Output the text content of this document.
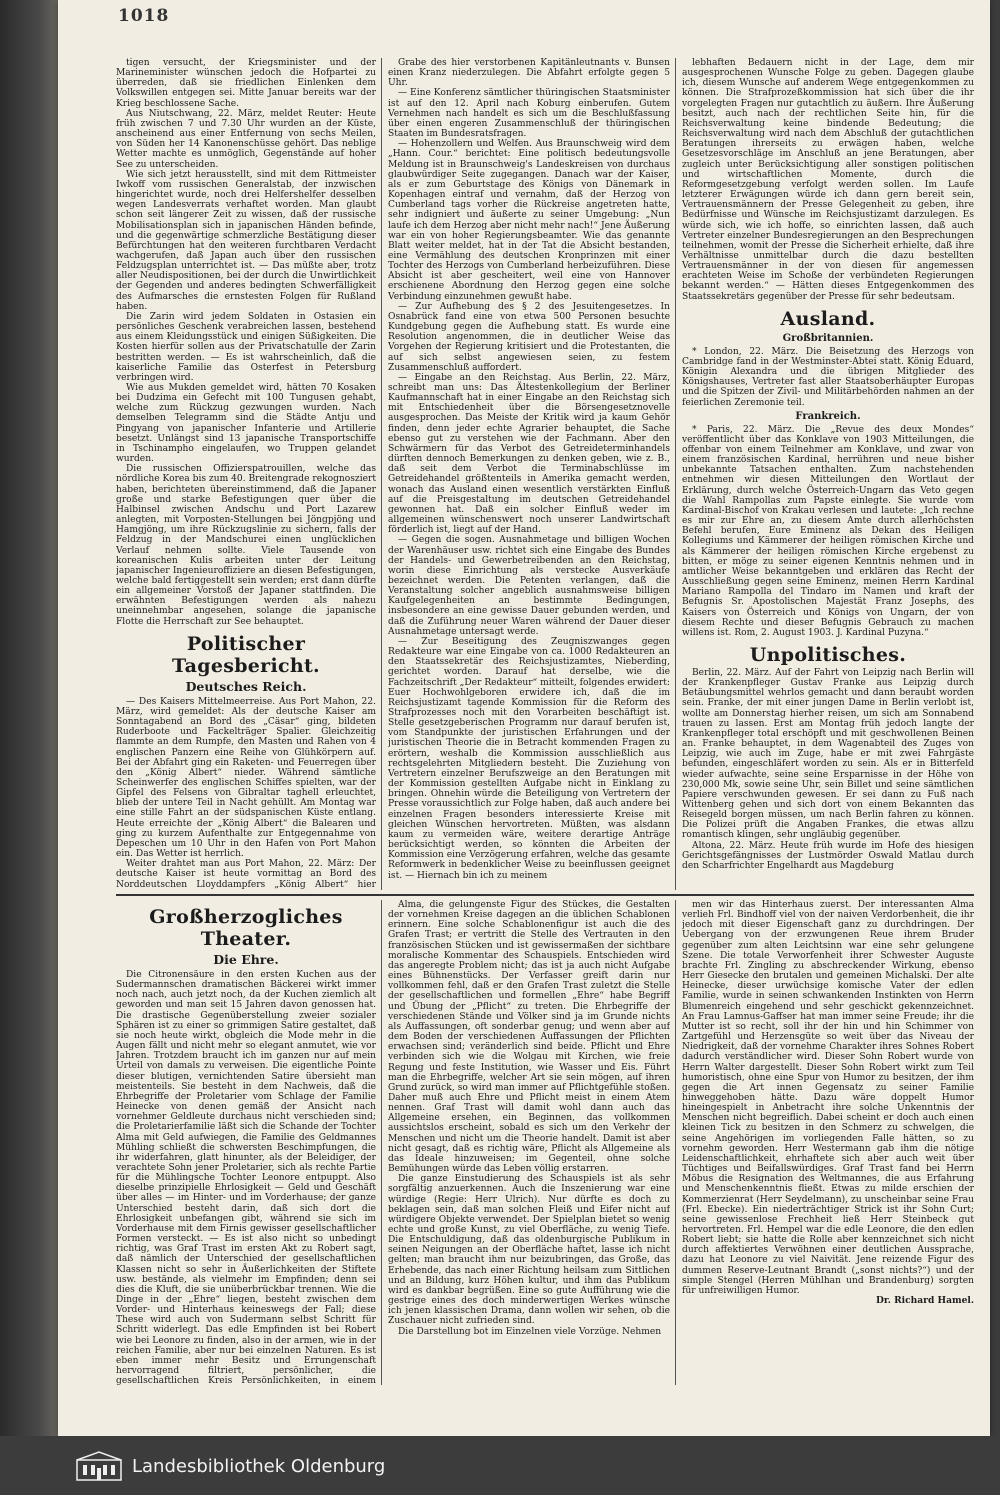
1018

tigen versucht, der Kriegsminister und der Marineminister wünschen jedoch die Hofpartei zu überreden, daß sie friedlichen Einlenken dem Volkswillen entgegen sei. Mitte Januar bereits war der Krieg beschlossene Sache.

Aus Niutschwang, 22. März, meldet Reuter: Heute früh zwischen 7 und 7.30 Uhr wurden an der Küste, anscheinend aus einer Entfernung von sechs Meilen, von Süden her 14 Kanonenschüsse gehört. Das neblige Wetter machte es unmöglich, Gegenstände auf hoher See zu unterscheiden.

Wie sich jetzt herausstellt, sind mit dem Rittmeister Iwkoff vom russischen Generalstab, der inzwischen hingerichtet wurde, noch drei Helfershelfer desselben wegen Landesverrats verhaftet worden. Man glaubt schon seit längerer Zeit zu wissen, daß der russische Mobilisationsplan sich in japanischen Händen befinde, und die gegenwärtige schmerzliche Bestätigung dieser Befürchtungen hat den weiteren furchtbaren Verdacht wachgerufen, daß Japan auch über den russischen Feldzugsplan unterrichtet ist. — Das müßte aber, trotz aller Neudispositionen, bei der durch die Unwirtlichkeit der Gegenden und anderes bedingten Schwerfälligkeit des Aufmarsches die ernstesten Folgen für Rußland haben.

Die Zarin wird jedem Soldaten in Ostasien ein persönliches Geschenk verabreichen lassen, bestehend aus einem Kleidungsstück und einigen Süßigkeiten. Die Kosten hierfür sollen aus der Privatschatulle der Zarin bestritten werden. — Es ist wahrscheinlich, daß die kaiserliche Familie das Osterfest in Petersburg verbringen wird.

Wie aus Mukden gemeldet wird, hätten 70 Kosaken bei Dudzima ein Gefecht mit 100 Tungusen gehabt, welche zum Rückzug gezwungen wurden. Nach demselben Telegramm sind die Städte Antju und Pingyang von japanischer Infanterie und Artillerie besetzt. Unlängst sind 13 japanische Transportschiffe in Tschinampho eingelaufen, wo Truppen gelandet wurden.

Die russischen Offizierspatrouillen, welche das nördliche Korea bis zum 40. Breitengrade rekognosziert haben, berichteten übereinstimmend, daß die Japaner große und starke Befestigungen quer über die Halbinsel zwischen Andschu und Port Lazarew anlegten, mit Vorposten-Stellungen bei Jöngpjöng und Hamgjöng, um ihre Rückzugslinie zu sichern, falls der Feldzug in der Mandschurei einen unglücklichen Verlauf nehmen sollte. Viele Tausende von koreanischen Kulis arbeiten unter der Leitung japanischer Ingenieuroffiziere an diesen Befestigungen, welche bald fertiggestellt sein werden; erst dann dürfte ein allgemeiner Vorstoß der Japaner stattfinden. Die erwähnten Befestigungen werden als nahezu uneinnehmbar angesehen, solange die japanische Flotte die Herrschaft zur See behauptet.

Politischer Tagesbericht.
Deutsches Reich.

— Des Kaisers Mittelmeerreise. Aus Port Mahon, 22. März, wird gemeldet: Als der deutsche Kaiser am Sonntagabend an Bord des „Cäsar“ ging, bildeten Ruderboote und Fackelträger Spalier. Gleichzeitig flammte an dem Rumpfe, den Masten und Rahen von 4 englischen Panzern eine Reihe von Glühkörpern auf. Bei der Abfahrt ging ein Raketen- und Feuerregen über den „König Albert“ nieder. Während sämtliche Scheinwerfer des englischen Schiffes spielten, war der Gipfel des Felsens von Gibraltar taghell erleuchtet, blieb der untere Teil in Nacht gehüllt. Am Montag war eine stille Fahrt an der südspanischen Küste entlang. Heute erreichte der „König Albert“ die Balearen und ging zu kurzem Aufenthalte zur Entgegennahme von Depeschen um 10 Uhr in den Hafen von Port Mahon ein. Das Wetter ist herrlich.

Weiter drahtet man aus Port Mahon, 22. März: Der deutsche Kaiser ist heute vormittag an Bord des Norddeutschen Lloyddampfers „König Albert“ hier

Grabe des hier verstorbenen Kapitänleutnants v. Bunsen einen Kranz niederzulegen. Die Abfahrt erfolgte gegen 5 Uhr.

— Eine Konferenz sämtlicher thüringischen Staatsminister ist auf den 12. April nach Koburg einberufen. Gutem Vernehmen nach handelt es sich um die Beschlußfassung über einen engeren Zusammenschluß der thüringischen Staaten im Bundesratsfragen.

— Hohenzollern und Welfen. Aus Braunschweig wird dem „Hann. Cour.“ berichtet: Eine politisch bedeutungsvolle Meldung ist in Braunschweig's Landeskreisen von durchaus glaubwürdiger Seite zugegangen. Danach war der Kaiser, als er zum Geburtstage des Königs von Dänemark in Kopenhagen eintraf und vernahm, daß der Herzog von Cumberland tags vorher die Rückreise angetreten hatte, sehr indigniert und äußerte zu seiner Umgebung: „Nun laufe ich dem Herzog aber nicht mehr nach!“ Jene Äußerung war ein von hoher Regierungsbeamter. Wie das genannte Blatt weiter meldet, hat in der Tat die Absicht bestanden, eine Vermählung des deutschen Kronprinzen mit einer Tochter des Herzogs von Cumberland herbeizuführen. Diese Absicht ist aber gescheitert, weil eine von Hannover erschienene Abordnung den Herzog gegen eine solche Verbindung einzunehmen gewußt habe.

— Zur Aufhebung des § 2 des Jesuitengesetzes. In Osnabrück fand eine von etwa 500 Personen besuchte Kundgebung gegen die Aufhebung statt. Es wurde eine Resolution angenommen, die in deutlicher Weise das Vorgehen der Regierung kritisiert und die Protestanten, die auf sich selbst angewiesen seien, zu festem Zusammenschluß auffordert.

— Eingabe an den Reichstag. Aus Berlin, 22. März, schreibt man uns: Das Ältestenkollegium der Berliner Kaufmannschaft hat in einer Eingabe an den Reichstag sich mit Entschiedenheit über die Börsengesetznovelle ausgesprochen. Das Meiste der Kritik wird ja kaum Gehör finden, denn jeder echte Agrarier behauptet, die Sache ebenso gut zu verstehen wie der Fachmann. Aber den Schwärmern für das Verbot des Getreideterminhandels dürften dennoch Bemerkungen zu denken geben, wie z. B., daß seit dem Verbot die Terminabschlüsse im Getreidehandel größtenteils in Amerika gemacht werden, wonach das Ausland einen wesentlich verstärkten Einfluß auf die Preisgestaltung im deutschen Getreidehandel gewonnen hat. Daß ein solcher Einfluß weder im allgemeinen wünschenswert noch unserer Landwirtschaft förderlich ist, liegt auf der Hand.

— Gegen die sogen. Ausnahmetage und billigen Wochen der Warenhäuser usw. richtet sich eine Eingabe des Bundes der Handels- und Gewerbetreibenden an den Reichstag, worin diese Einrichtung als verstecke Ausverkäufe bezeichnet werden. Die Petenten verlangen, daß die Veranstaltung solcher angeblich ausnahmsweise billigen Kaufgelegenheiten an bestimmte Bedingungen, insbesondere an eine gewisse Dauer gebunden werden, und daß die Zuführung neuer Waren während der Dauer dieser Ausnahmetage untersagt werde.

— Zur Beseitigung des Zeugniszwanges gegen Redakteure war eine Eingabe von ca. 1000 Redakteuren an den Staatssekretär des Reichsjustizamtes, Nieberding, gerichtet worden. Darauf hat derselbe, wie die Fachzeitschrift „Der Redakteur“ mitteilt, folgendes erwidert: Euer Hochwohlgeboren erwidere ich, daß die im Reichsjustizamt tagende Kommission für die Reform des Strafprozesses noch mit den Vorarbeiten beschäftigt ist. Stelle gesetzgeberischen Programm nur darauf berufen ist, vom Standpunkte der juristischen Erfahrungen und der juristischen Theorie die in Betracht kommenden Fragen zu erörtern, weshalb die Kommission ausschließlich aus rechtsgelehrten Mitgliedern besteht. Die Zuziehung von Vertretern einzelner Berufszweige an den Beratungen mit der Kommission gestellten Aufgabe nicht in Einklang zu bringen. Ohnehin würde die Beteiligung von Vertretern der Presse voraussichtlich zur Folge haben, daß auch andere bei einzelnen Fragen besonders interessierte Kreise mit gleichen Wünschen hervortreten. Müßten, was alsdann kaum zu vermeiden wäre, weitere derartige Anträge berücksichtigt werden, so könnten die Arbeiten der Kommission eine Verzögerung erfahren, welche das gesamte Reformwerk in bedenklicher Weise zu beeinflussen geeignet ist. — Hiernach bin ich zu meinem

lebhaften Bedauern nicht in der Lage, dem mir ausgesprochenen Wunsche Folge zu geben. Dagegen glaube ich, diesem Wunsche auf anderem Wege entgegenkommen zu können. Die Strafprozeßkommission hat sich über die ihr vorgelegten Fragen nur gutachtlich zu äußern. Ihre Äußerung besitzt, auch nach der rechtlichen Seite hin, für die Reichsverwaltung keine bindende Bedeutung; die Reichsverwaltung wird nach dem Abschluß der gutachtlichen Beratungen ihrerseits zu erwägen haben, welche Gesetzesvorschläge im Anschluß an jene Beratungen, aber zugleich unter Berücksichtigung aller sonstigen politischen und wirtschaftlichen Momente, durch die Reformgesetzgebung verfolgt werden sollen. Im Laufe letzterer Erwägungen würde ich dann gern bereit sein, Vertrauensmännern der Presse Gelegenheit zu geben, ihre Bedürfnisse und Wünsche im Reichsjustizamt darzulegen. Es würde sich, wie ich hoffe, so einrichten lassen, daß auch Vertreter einzelner Bundesregierungen an den Besprechungen teilnehmen, womit der Presse die Sicherheit erhielte, daß ihre Verhältnisse unmittelbar durch die dazu bestellten Vertrauensmänner in der von diesen für angemessen erachteten Weise im Schoße der verbündeten Regierungen bekannt werden.“ — Hätten dieses Entgegenkommen des Staatssekretärs gegenüber der Presse für sehr bedeutsam.

Ausland.
Großbritannien.

* London, 22. März. Die Beisetzung des Herzogs von Cambridge fand in der Westminster-Abtei statt. König Eduard, Königin Alexandra und die übrigen Mitglieder des Königshauses, Vertreter fast aller Staatsoberhäupter Europas und die Spitzen der Zivil- und Militärbehörden nahmen an der feierlichen Zeremonie teil.

Frankreich.

* Paris, 22. März. Die „Revue des deux Mondes“ veröffentlicht über das Konklave von 1903 Mitteilungen, die offenbar von einem Teilnehmer am Konklave, und zwar von einem französischen Kardinal, herrühren und neue bisher unbekannte Tatsachen enthalten. Zum nachstehenden entnehmen wir diesen Mitteilungen den Wortlaut der Erklärung, durch welche Österreich-Ungarn das Veto gegen die Wahl Rampollas zum Papste einlegte. Sie wurde vom Kardinal-Bischof von Krakau verlesen und lautete: „Ich rechne es mir zur Ehre an, zu diesem Amte durch allerhöchsten Befehl berufen, Eure Eminenz als Dekan des Heiligen Kollegiums und Kämmerer der heiligen römischen Kirche und als Kämmerer der heiligen römischen Kirche ergebenst zu bitten, er möge zu seiner eigenen Kenntnis nehmen und in amtlicher Weise bekanntgeben und erklären das Recht der Ausschließung gegen seine Eminenz, meinen Herrn Kardinal Mariano Rampolla del Tindaro im Namen und kraft der Befugnis Sr. Apostolischen Majestät Franz Josephs, des Kaisers von Österreich und Königs von Ungarn, der von diesem Rechte und dieser Befugnis Gebrauch zu machen willens ist. Rom, 2. August 1903. J. Kardinal Puzyna.“

Unpolitisches.

Berlin, 22. März. Auf der Fahrt von Leipzig nach Berlin will der Krankenpfleger Gustav Franke aus Leipzig durch Betäubungsmittel wehrlos gemacht und dann beraubt worden sein. Franke, der mit einer jungen Dame in Berlin verlobt ist, wollte am Donnerstag hierher reisen, um sich am Sonnabend trauen zu lassen. Erst am Montag früh jedoch langte der Krankenpfleger total erschöpft und mit geschwollenen Beinen an. Franke behauptet, in dem Wagenabteil des Zuges von Leipzig, wie auch im Zuge, habe er mit zwei Fahrgäste befunden, eingeschläfert worden zu sein. Als er in Bitterfeld wieder aufwachte, seine seine Ersparnisse in der Höhe von 230,000 Mk, sowie seine Uhr, sein Billet und seine sämtlichen Papiere verschwunden gewesen. Er sei dann zu Fuß nach Wittenberg gehen und sich dort von einem Bekannten das Reisegeld borgen müssen, um nach Berlin fahren zu können. Die Polizei prüft die Angaben Frankes, die etwas allzu romantisch klingen, sehr ungläubig gegenüber.

Altona, 22. März. Heute früh wurde im Hofe des hiesigen Gerichtsgefängnisses der Lustmörder Oswald Matlau durch den Scharfrichter Engelhardt aus Magdeburg

Großherzogliches Theater.
Die Ehre.

Die Citronensäure in den ersten Kuchen aus der Sudermannschen dramatischen Bäckerei wirkt immer noch nach, auch jetzt noch, da der Kuchen ziemlich alt geworden und man seit 15 Jahren davon genossen hat. Die drastische Gegenüberstellung zweier sozialer Sphären ist zu einer so grimmigen Satire gestaltet, daß sie noch heute wirkt, obgleich die Mode mehr in die Augen fällt und nicht mehr so elegant anmutet, wie vor Jahren. Trotzdem braucht ich im ganzen nur auf mein Urteil von damals zu verweisen. Die eigentliche Pointe dieser blutigen, vernichtenden Satire übersieht man meistenteils. Sie besteht in dem Nachweis, daß die Ehrbegriffe der Proletarier vom Schlage der Familie Heinecke von denen gemäß der Ansicht nach vornehmer Geldleute durchaus nicht verschieden sind; die Proletarierfamilie läßt sich die Schande der Tochter Alma mit Geld aufwiegen, die Familie des Geldmannes Mühling schließt die schwersten Beschimpfungen, die ihr widerfahren, glatt hinunter, als der Beleidiger, der verachtete Sohn jener Proletarier, sich als rechte Partie für die Mühlingsche Tochter Leonore entpuppt. Also dieselbe prinzipielle Ehrlosigkeit — Geld und Geschäft über alles — im Hinter- und im Vorderhause; der ganze Unterschied besteht darin, daß sich dort die Ehrlosigkeit unbefangen gibt, während sie sich im Vorderhause mit dem Firnis gewisser gesellschaftlicher Formen versteckt. — Es ist also nicht so unbedingt richtig, was Graf Trast im ersten Akt zu Robert sagt, daß nämlich der Unterschied der gesellschaftlichen Klassen nicht so sehr in Äußerlichkeiten der Stiftete usw. bestände, als vielmehr im Empfinden; denn sei dies die Kluft, die sie unüberbrückbar trennen. Wie die Dinge in der „Ehre“ liegen, besteht zwischen dem Vorder- und Hinterhaus keineswegs der Fall; diese These wird auch von Sudermann selbst Schritt für Schritt widerlegt. Das edle Empfinden ist bei Robert wie bei Leonore zu finden, also in der armen, wie in der reichen Familie, aber nur bei einzelnen Naturen. Es ist eben immer mehr Besitz und Errungenschaft hervorragend filtriert, persönlicher, die gesellschaftlichen Kreis Persönlichkeiten, in einem

Alma, die gelungenste Figur des Stückes, die Gestalten der vornehmen Kreise dagegen an die üblichen Schablonen erinnern. Eine solche Schablonenfigur ist auch die des Grafen Trast; er vertritt die Stelle des Vertrauten in den französischen Stücken und ist gewissermaßen der sichtbare moralische Kommentar des Schauspiels. Entschieden wird das angeregte Problem nicht; das ist ja auch nicht Aufgabe eines Bühnenstücks. Der Verfasser greift darin nur vollkommen fehl, daß er den Grafen Trast zuletzt die Stelle der gesellschaftlichen und formellen „Ehre“ habe Begriff und Übung der „Pflicht“ zu treten. Die Ehrbegriffe der verschiedenen Stände und Völker sind ja im Grunde nichts als Auffassungen, oft sonderbar genug; und wenn aber auf dem Boden der verschiedenen Auffassungen der Pflichten erwachsen sind; veränderlich sind beide. Pflicht und Ehre verbinden sich wie die Wolgau mit Kirchen, wie freie Regung und feste Institution, wie Wasser und Eis. Führt man die Ehrbegriffe, welcher Art sie sein mögen, auf ihren Grund zurück, so wird man immer auf Pflichtgefühle stoßen. Daher muß auch Ehre und Pflicht meist in einem Atem nennen. Graf Trast will damit wohl dann auch das Allgemeine ersehen, ein Beginnen, das vollkommen aussichtslos erscheint, sobald es sich um den Verkehr der Menschen und nicht um die Theorie handelt. Damit ist aber nicht gesagt, daß es richtig wäre, Pflicht als Allgemeine als das Ideale hinzuweisen; im Gegenteil, ohne solche Bemühungen würde das Leben völlig erstarren.

Die ganze Einstudierung des Schauspiels ist als sehr sorgfältig anzuerkennen. Auch die Inszenierung war eine würdige (Regie: Herr Ulrich). Nur dürfte es doch zu beklagen sein, daß man solchen Fleiß und Eifer nicht auf würdigere Objekte verwendet. Der Spielplan bietet so wenig echte und große Kunst, zu viel Oberfläche, zu wenig Tiefe. Die Entschuldigung, daß das oldenburgische Publikum in seinen Neigungen an der Oberfläche haftet, lasse ich nicht gelten; man braucht ihm nur beizubringen, das Große, das Erhebende, das nach einer Richtung heilsam zum Sittlichen und an Bildung, kurz Höhen kultur, und ihm das Publikum wird es dankbar begrüßen. Eine so gute Aufführung wie die gestrige eines des doch minderwertigen Werkes wünsche ich jenen klassischen Drama, dann wollen wir sehen, ob die Zuschauer nicht zufrieden sind.

Die Darstellung bot im Einzelnen viele Vorzüge. Nehmen

men wir das Hinterhaus zuerst. Der interessanten Alma verlieh Frl. Bindhoff viel von der naiven Verdorbenheit, die ihr jedoch mit dieser Eigenschaft ganz zu durchdringen. Der Uebergang von der erzwungenen Reue ihrem Bruder gegenüber zum alten Leichtsinn war eine sehr gelungene Szene. Die totale Verworfenheit ihrer Schwester Auguste brachte Frl. Zingling zu abschreckender Wirkung, ebenso Herr Giesecke den brutalen und gemeinen Michalski. Der alte Heinecke, dieser urwüchsige komische Vater der edlen Familie, wurde in seinen schwankenden Instinkten von Herrn Blumenreich eingehend und sehr geschickt gekennzeichnet. An Frau Lamnus-Gaffser hat man immer seine Freude; ihr die Mutter ist so recht, soll ihr der hin und hin Schimmer von Zartgefühl und Herzensgüte so weit über das Niveau der Niedrigkeit, daß der vornehme Charakter ihres Sohnes Robert dadurch verständlicher wird. Dieser Sohn Robert wurde von Herrn Walter dargestellt. Dieser Sohn Robert wirkt zum Teil humoristisch, ohne eine Spur von Humor zu besitzen, der ihm gegen die Art innen Gegensatz zu seiner Familie hinweggehoben hätte. Dazu wäre doppelt Humor hineingespielt in Anbetracht ihre solche Unkenntnis der Menschen nicht begreiflich. Dabei scheint er doch auch einen kleinen Tick zu besitzen in den Schmerz zu schwelgen, die seine Angehörigen im vorliegenden Falle hätten, so zu vornehm geworden. Herr Westermann gab ihm die nötige Leidenschaftlichkeit, ehrhaftete sich aber auch weit über Tüchtiges und Beifallswürdiges. Graf Trast fand bei Herrn Möbus die Resignation des Weltmannes, die aus Erfahrung und Menschenkenntnis fließt. Etwas zu milde erschien der Kommerzienrat (Herr Seydelmann), zu unscheinbar seine Frau (Frl. Ebecke). Ein niederträchtiger Strick ist ihr Sohn Curt; seine gewissenlose Frechheit ließ Herr Steinbeck gut hervortreten. Frl. Hempel war die edle Leonore, die den edlen Robert liebt; sie hatte die Rolle aber kennzeichnet sich nicht durch affektiertes Verwöhnen einer deutlichen Aussprache, dazu hat Leonore zu viel Naivität. Jene reizende Figur des dummen Reserve-Leutnant Brandt („sonst nichts?“) und der simple Stengel (Herren Mühlhan und Brandenburg) sorgten für unfreiwilligen Humor.

Dr. Richard Hamel.

Landesbibliothek Oldenburg
